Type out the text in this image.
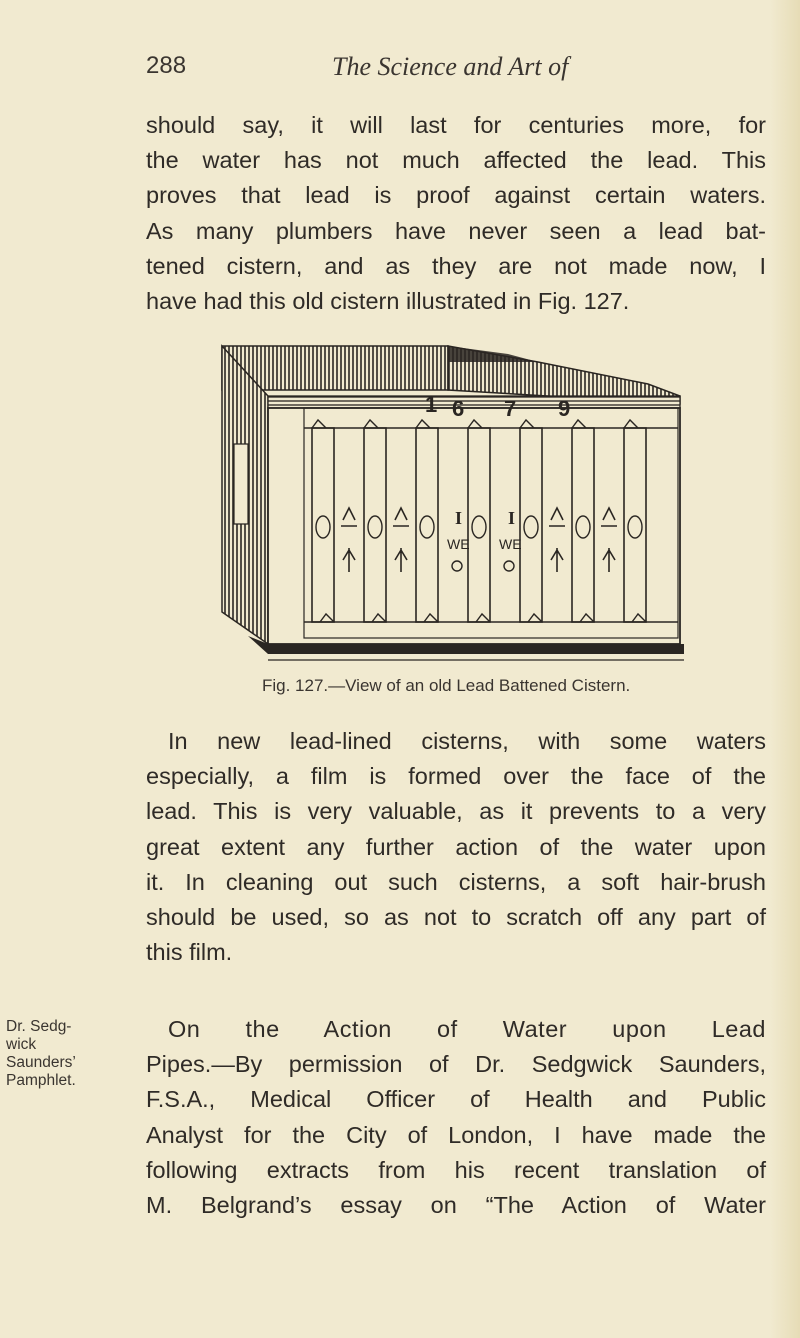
288	The Science and Art of
should say, it will last for centuries more, for
the water has not much affected the lead. This
proves that lead is proof against certain waters.
As many plumbers have never seen a lead bat-
tened cistern, and as they are not made now, I
have had this old cistern illustrated in Fig. 127.
1 6 7 9
I	I
WE WE
Fig. 127.—View of an old Lead Battened Cistern.
In new lead-lined cisterns, with some waters
especially, a film is formed over the face of the
lead. This is very valuable, as it prevents to a very
great extent any further action of the water upon
it. In cleaning out such cisterns, a soft hair-brush
should be used, so as not to scratch off any part of
this film.
On the Action of Water upon Lead
Pipes.—By permission of Dr. Sedgwick Saunders,
F.S.A., Medical Officer of Health and Public
Analyst for the City of London, I have made the
following extracts from his recent translation of
M. Belgrand’s essay on “The Action of Water
Dr. Sedg-
wick
Saunders’
Pamphlet.
